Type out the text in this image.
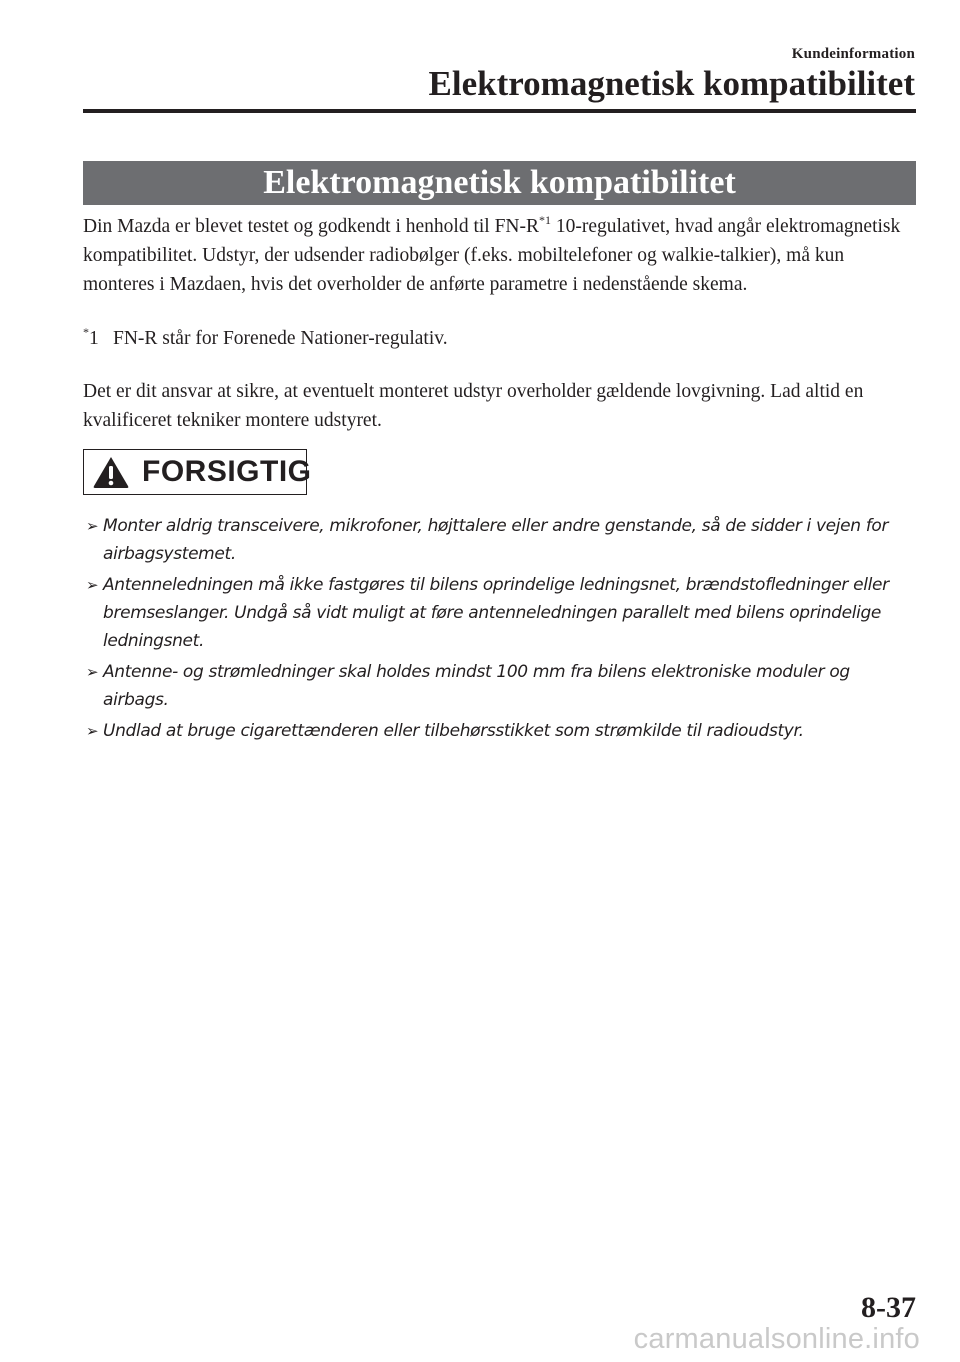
Kundeinformation
Elektromagnetisk kompatibilitet
Elektromagnetisk kompatibilitet
Din Mazda er blevet testet og godkendt i henhold til $FN-R^{*1}$ 10-regulativet, hvad angår elektromagnetisk kompatibilitet. Udstyr, der udsender radiobølger (f.eks. mobiltelefoner og walkie-talkier), må kun monteres i Mazdaen, hvis det overholder de anførte parametre i nedenstående skema.
*1 FN-R står for Forenede Nationer-regulativ.
Det er dit ansvar at sikre, at eventuelt monteret udstyr overholder gældende lovgivning. Lad altid en kvalificeret tekniker montere udstyret.
FORSIGTIG
➢ Monter aldrig transceivere, mikrofoner, højttalere eller andre genstande, så de sidder i vejen for airbagsystemet.
➢ Antenneledningen må ikke fastgøres til bilens oprindelige ledningsnet, brændstofledninger eller bremseslanger. Undgå så vidt muligt at føre antenneledningen parallelt med bilens oprindelige ledningsnet.
➢ Antenne- og strømledninger skal holdes mindst 100 mm fra bilens elektroniske moduler og airbags.
➢ Undlad at bruge cigarettænderen eller tilbehørsstikket som strømkilde til radioudstyr.
8-37
carmanualsonline.info
